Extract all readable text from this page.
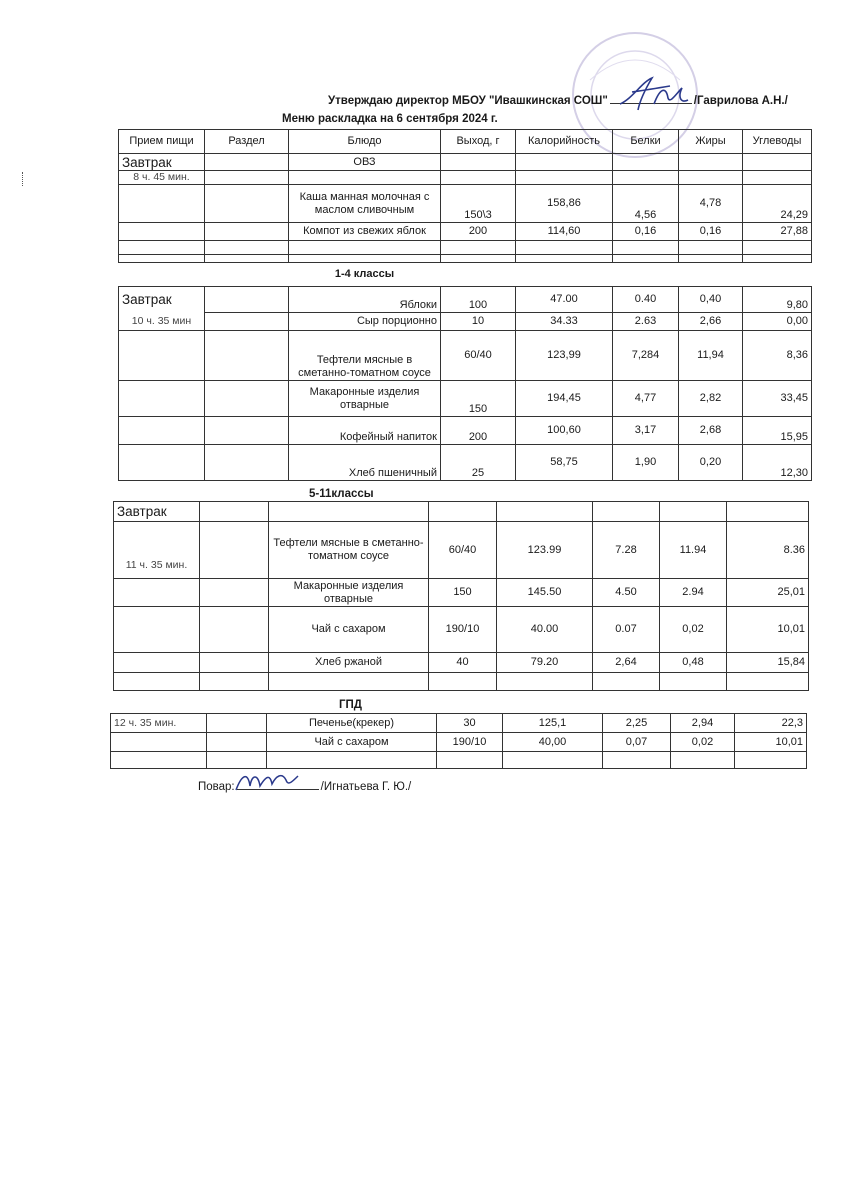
Утверждаю директор МБОУ "Ивашкинская СОШ"	/Гаврилова А.Н./
Меню раскладка на 6 сентября 2024 г.
Прием пищи	Раздел	Блюдо	Выход, г	Калорийность	Белки	Жиры	Углеводы
Завтрак		ОВЗ					
8 ч. 45 мин.							
		Каша манная молочная с маслом сливочным	150\3	158,86	4,56	4,78	24,29
		Компот из свежих яблок	200	114,60	0,16	0,16	27,88

		1-4 классы					
Завтрак		Яблоки	100	47.00	0.40	0,40	9,80
10 ч. 35 мин		Сыр порционно	10	34.33	2.63	2,66	0,00
		Тефтели мясные в сметанно-томатном соусе	60/40	123,99	7,284	11,94	8,36
		Макаронные изделия отварные	150	194,45	4,77	2,82	33,45
		Кофейный напиток	200	100,60	3,17	2,68	15,95
		Хлеб пшеничный	25	58,75	1,90	0,20	12,30
5-11классы
Завтрак							
11 ч. 35 мин.		Тефтели мясные в сметанно-томатном соусе	60/40	123.99	7.28	11.94	8.36
		Макаронные изделия отварные	150	145.50	4.50	2.94	25,01
		Чай с сахаром	190/10	40.00	0.07	0,02	10,01
		Хлеб ржаной	40	79.20	2,64	0,48	15,84

ГПД
12 ч. 35 мин.		Печенье(крекер)	30	125,1	2,25	2,94	22,3
		Чай с сахаром	190/10	40,00	0,07	0,02	10,01

Повар:	/Игнатьева Г. Ю./
